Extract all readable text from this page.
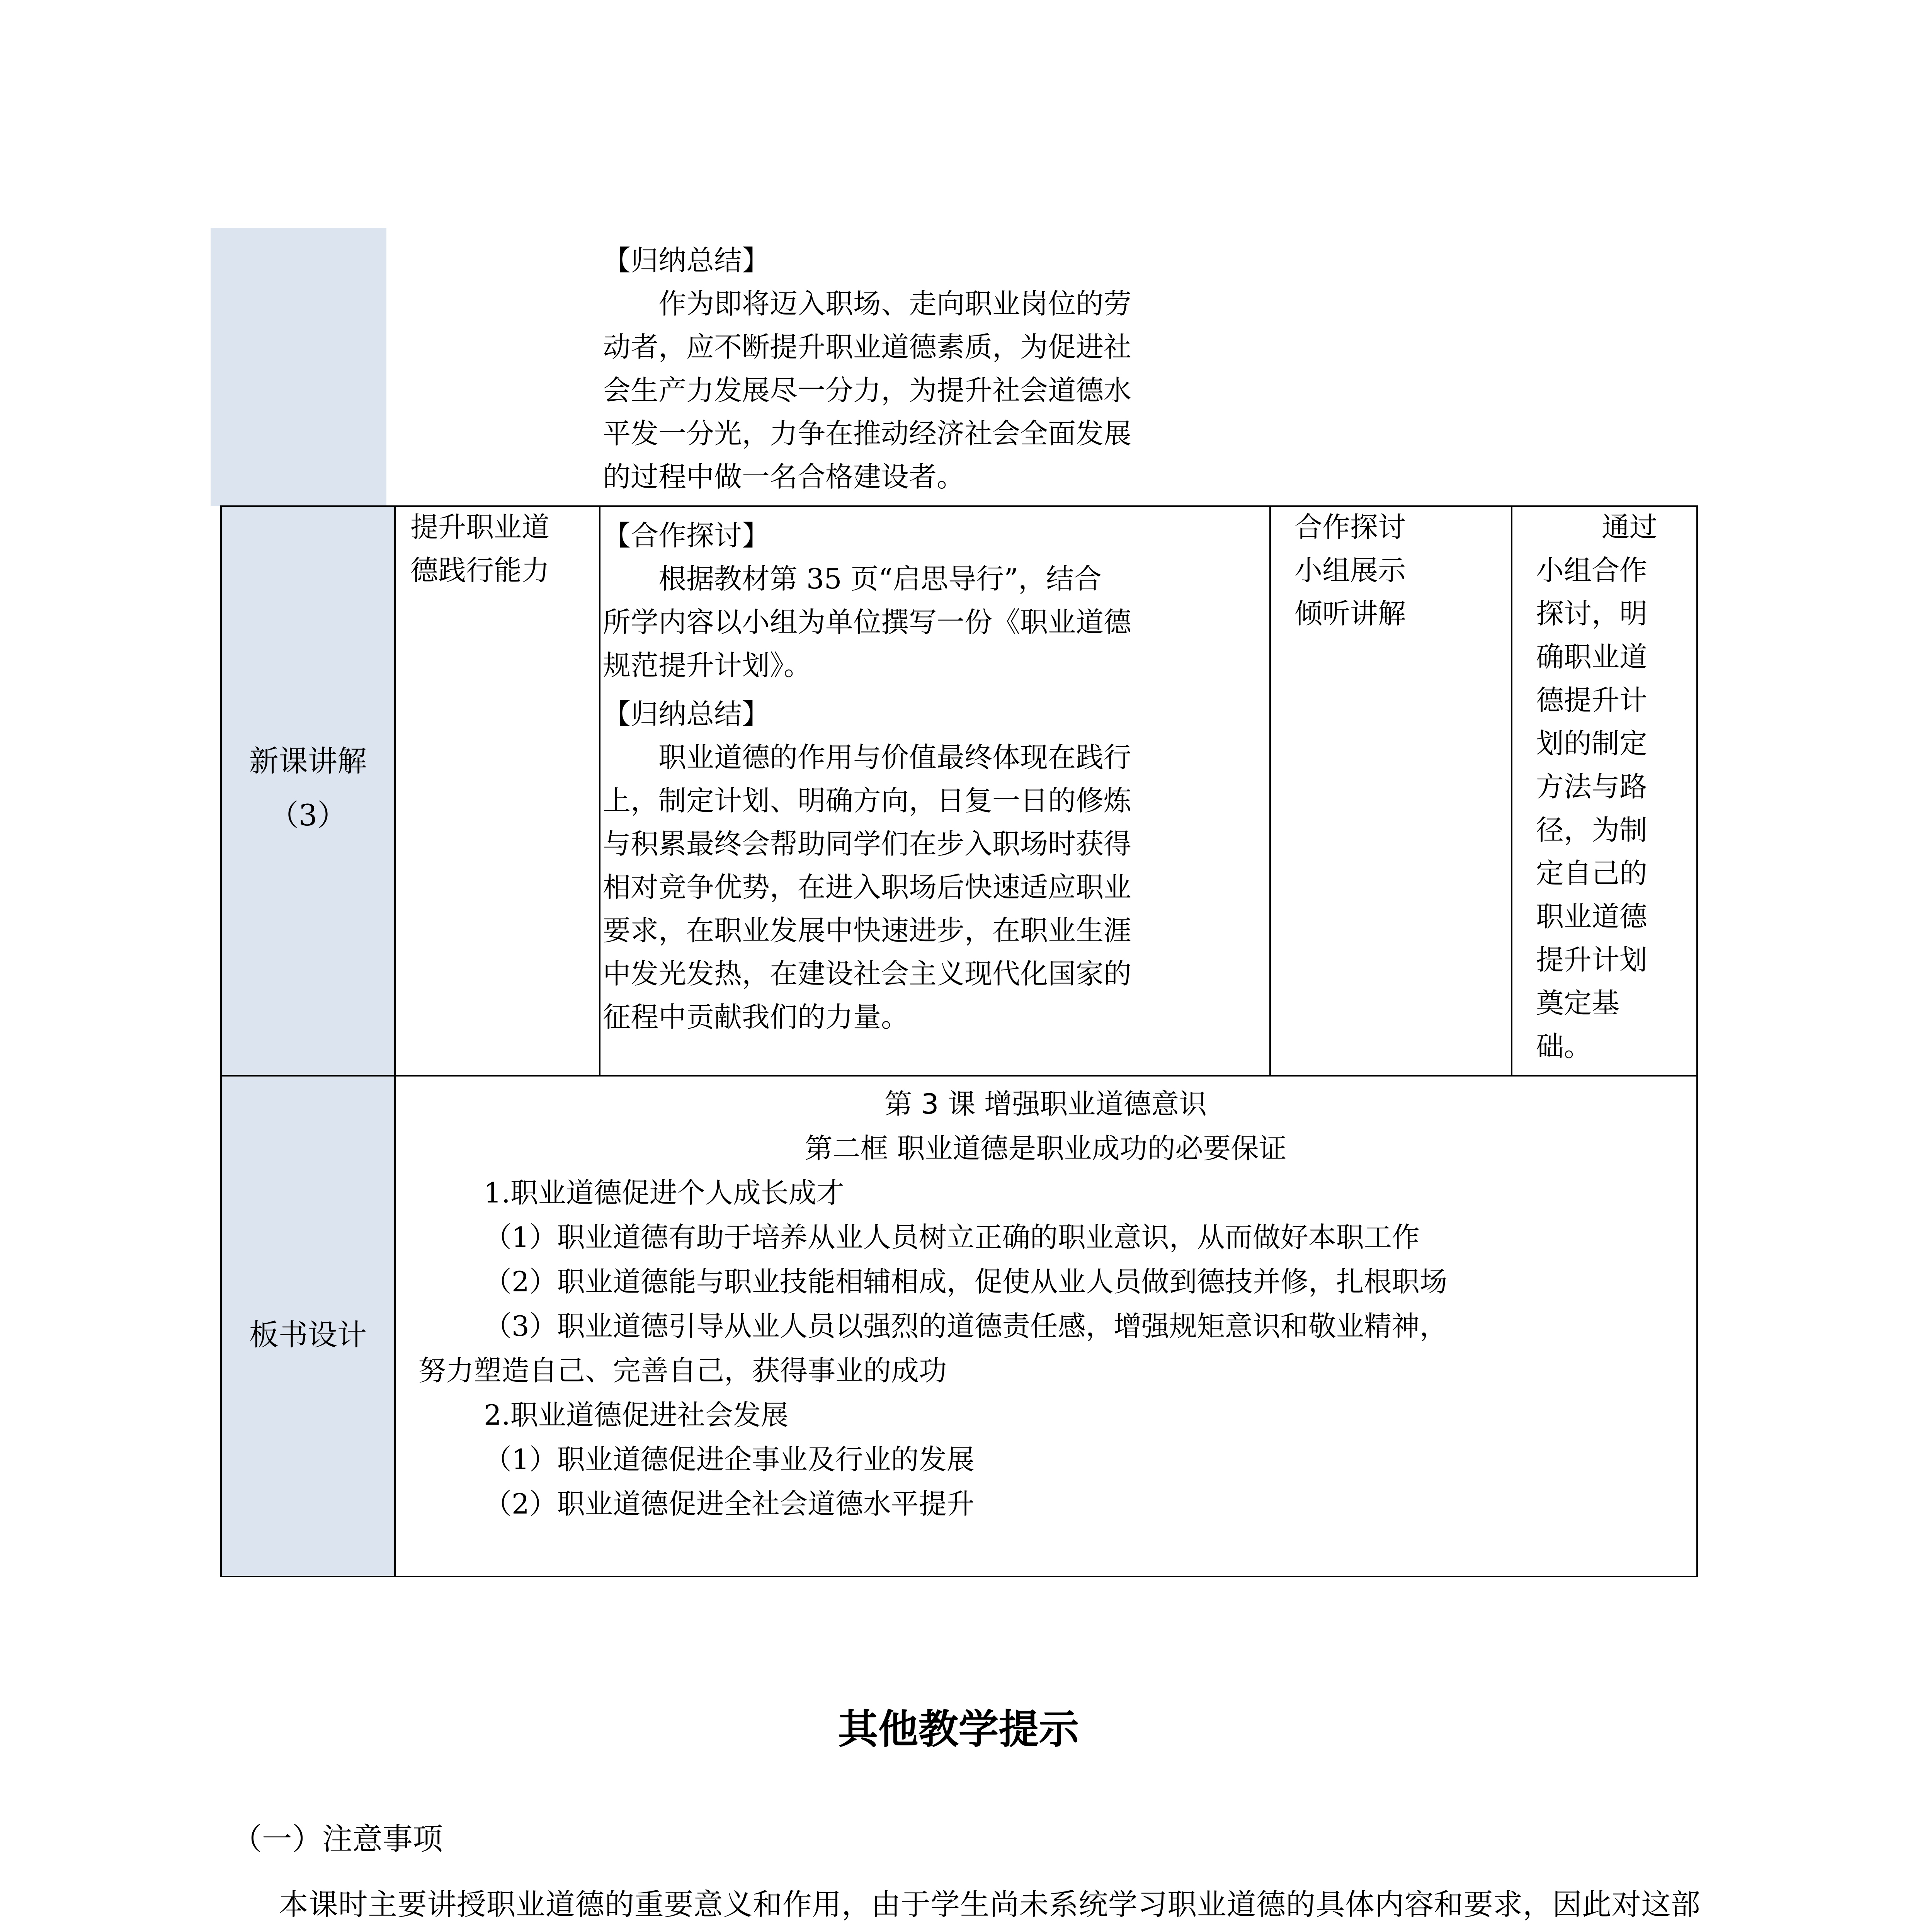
【归纳总结】

作为即将迈入职场、走向职业岗位的劳

动者，应不断提升职业道德素质，为促进社

会生产力发展尽一分力，为提升社会道德水

平发一分光，力争在推动经济社会全面发展

的过程中做一名合格建设者。

新课讲解
（3）

提升职业道

德践行能力

【合作探讨】

根据教材第 35 页“启思导行”，结合

所学内容以小组为单位撰写一份《职业道德

规范提升计划》。

【归纳总结】

职业道德的作用与价值最终体现在践行

上，制定计划、明确方向，日复一日的修炼

与积累最终会帮助同学们在步入职场时获得

相对竞争优势，在进入职场后快速适应职业

要求，在职业发展中快速进步，在职业生涯

中发光发热，在建设社会主义现代化国家的

征程中贡献我们的力量。

合作探讨

小组展示

倾听讲解

通过

小组合作

探讨，明

确职业道

德提升计

划的制定

方法与路

径，为制

定自己的

职业道德

提升计划

奠定基

础。

板书设计

第 3 课 增强职业道德意识

第二框 职业道德是职业成功的必要保证

1.职业道德促进个人成长成才

（1）职业道德有助于培养从业人员树立正确的职业意识，从而做好本职工作

（2）职业道德能与职业技能相辅相成，促使从业人员做到德技并修，扎根职场

（3）职业道德引导从业人员以强烈的道德责任感，增强规矩意识和敬业精神，

努力塑造自己、完善自己，获得事业的成功

2.职业道德促进社会发展

（1）职业道德促进企事业及行业的发展

（2）职业道德促进全社会道德水平提升

其他教学提示
（一）注意事项

本课时主要讲授职业道德的重要意义和作用，由于学生尚未系统学习职业道德的具体内容和要求，因此对这部
